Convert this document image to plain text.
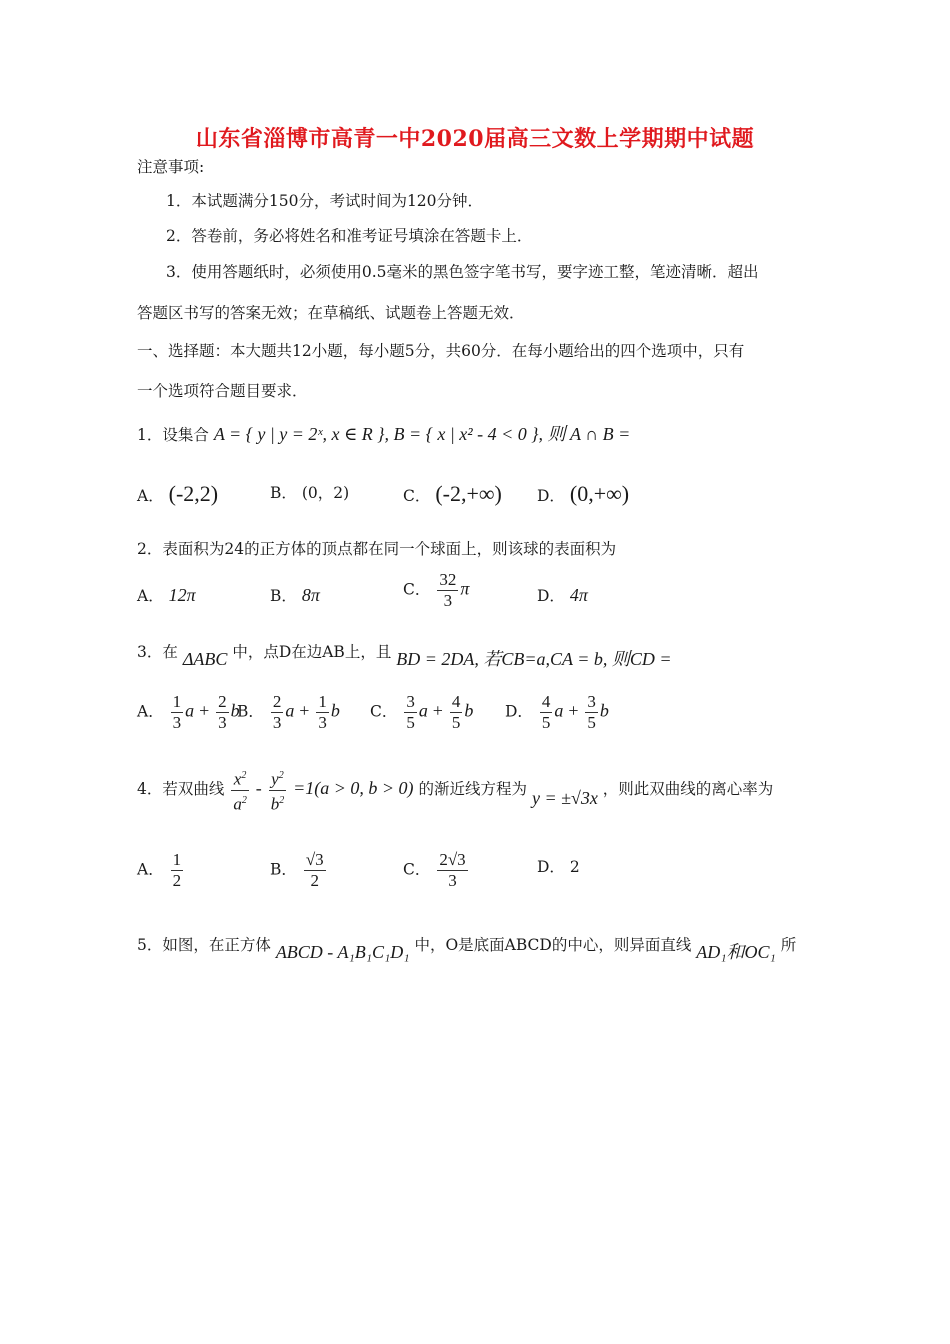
山东省淄博市高青一中2020届高三文数上学期期中试题
注意事项:
1．本试题满分150分，考试时间为120分钟．
2．答卷前，务必将姓名和准考证号填涂在答题卡上．
3．使用答题纸时，必须使用0.5毫米的黑色签字笔书写，要字迹工整，笔迹清晰．超出
答题区书写的答案无效；在草稿纸、试题卷上答题无效．
一、选择题：本大题共12小题，每小题5分，共60分．在每小题给出的四个选项中，只有
一个选项符合题目要求．
1．设集合 A = { y | y = 2ˣ, x ∈ R }, B = { x | x² - 4 < 0 }, 则 A ∩ B =
A． (-2,2)	B． (0，2)	C． (-2,+∞) D． (0,+∞)
2．表面积为24的正方体的顶点都在同一个球面上，则该球的表面积为
A． 12π	B． 8π	C． $\frac{32}{3}$ π	D． 4π
3．在 ΔABC 中，点D在边AB上，且 BD = 2DA, 若CB=a,CA = b, 则CD =
A． $\frac{1}{3}$ $a + \frac{2}{3}$ b
B． $\frac{2}{3}$ $a + \frac{1}{3}$ b C． $\frac{3}{5}$ $a + \frac{4}{5}$ b D． $\frac{4}{5}$ $a + \frac{3}{5}$ b
4．若双曲线 $\frac{x^2}{a^2} - \frac{y^2}{b^2} =1(a > 0$, b > 0) 的渐近线方程为 y = ±√3x ，则此双曲线的离心率为
A． $\frac{1}{2}$	B． $\frac{√3}{2}$	C． $\frac{2√3}{3}$	D． 2
5．如图，在正方体 ABCD - A₁B₁C₁D₁ 中，O是底面ABCD的中心，则异面直线 AD₁和OC₁ 所
